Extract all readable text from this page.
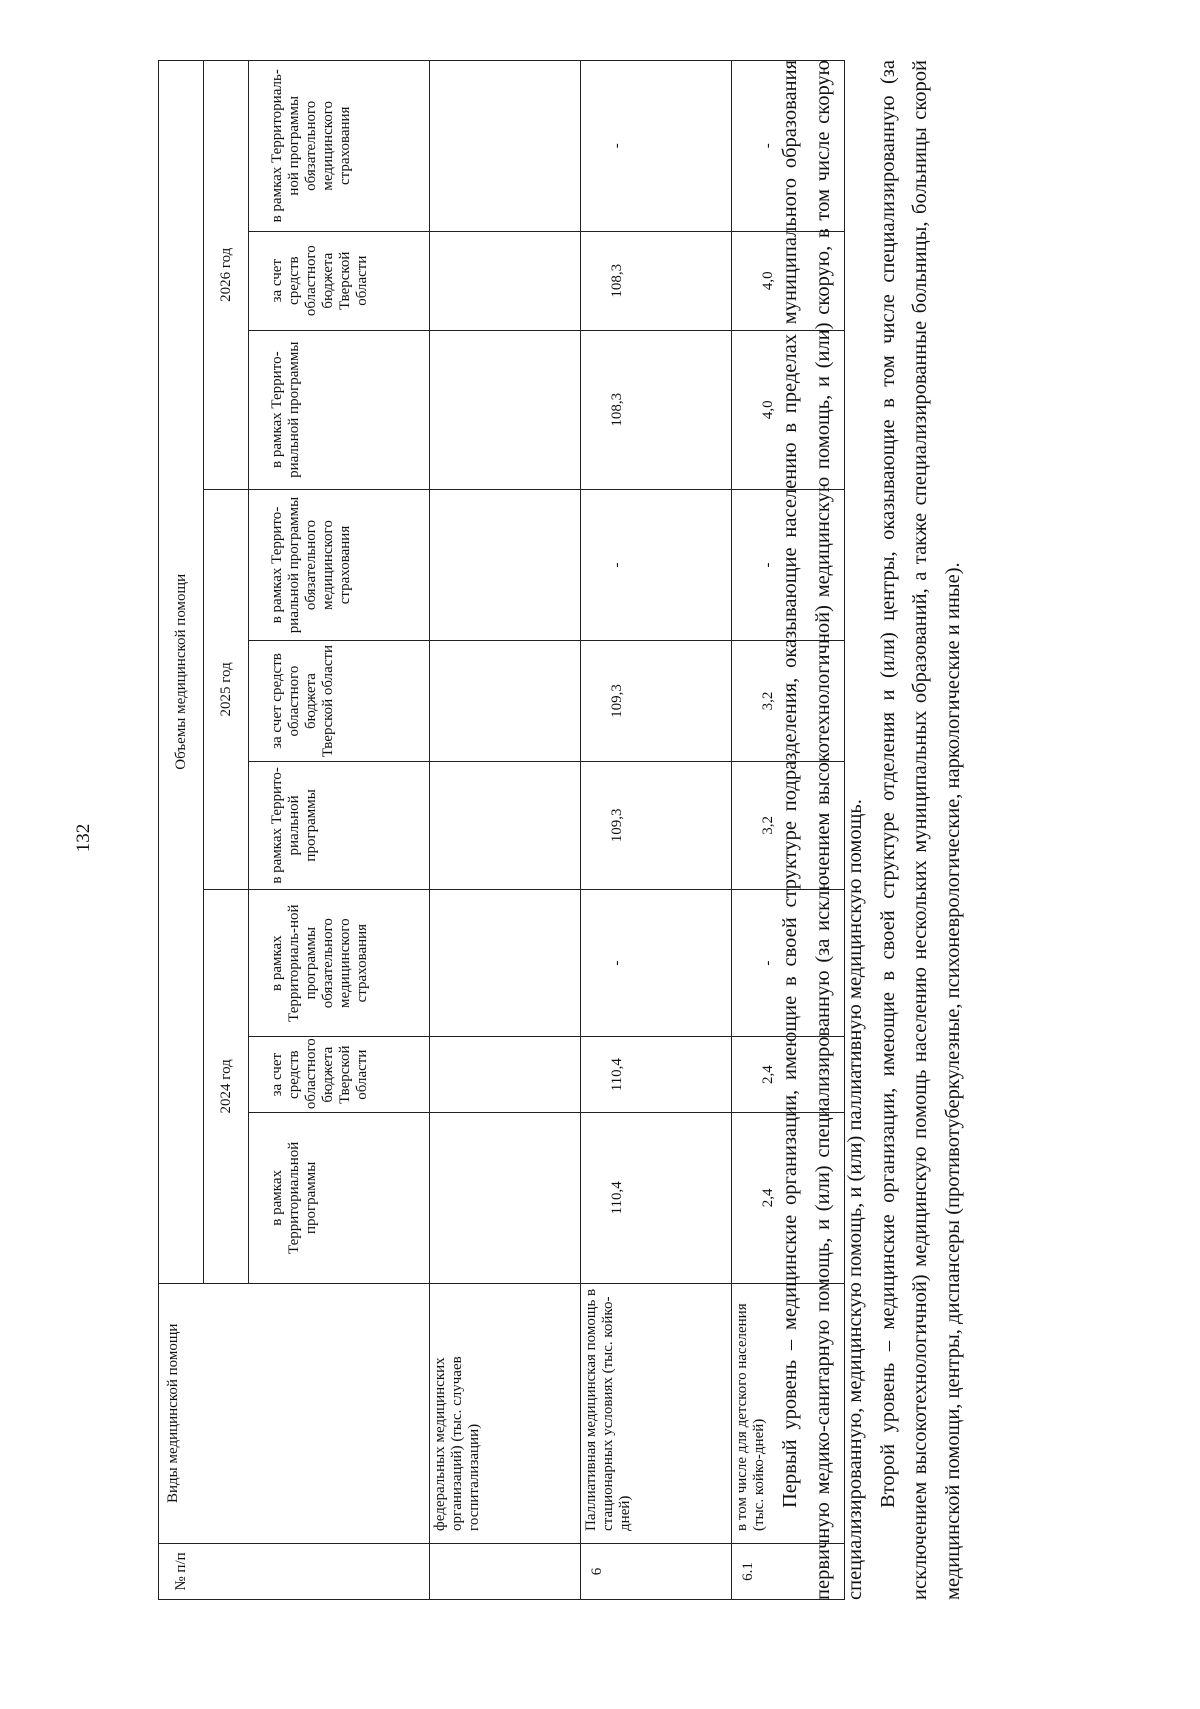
132
№ п/п	Виды медицинской помощи	Объемы медицинской помощи								
		2024 год			2025 год			2026 год		
		в рамках Территориальной программы	за счет средств областного бюджета Тверской области	в рамках Территориаль-ной программы обязательного медицинского страхования	в рамках Террито-риальной программы	за счет средств областного бюджета Тверской области	в рамках Террито-риальной программы обязательного медицинского страхования	в рамках Террито-риальной программы	за счет средств областного бюджета Тверской области	в рамках Территориаль-ной программы обязательного медицинского страхования
	федеральных медицинских организаций) (тыс. случаев госпитализации)									
6	Паллиативная медицинская помощь в стационарных условиях (тыс. койко-дней)	110,4	110,4	-	109,3	109,3	-	108,3	108,3	-
6.1	в том числе для детского населения (тыс. койко-дней)	2,4	2,4	-	3,2	3,2	-	4,0	4,0	- Первый уровень – медицинские организации, имеющие в своей структуре подразделения, оказывающие населению в пределах муниципального образования первичную медико-санитарную помощь, и (или) специализированную (за исключением высокотехнологичной) медицинскую помощь, и (или) скорую, в том числе скорую специализированную, медицинскую помощь, и (или) паллиативную медицинскую помощь. Второй уровень – медицинские организации, имеющие в своей структуре отделения и (или) центры, оказывающие в том числе специализированную (за исключением высокотехнологичной) медицинскую помощь населению нескольких муниципальных образований, а также специализированные больницы, больницы скорой медицинской помощи, центры, диспансеры (противотуберкулезные, психоневрологические, наркологические и иные).
